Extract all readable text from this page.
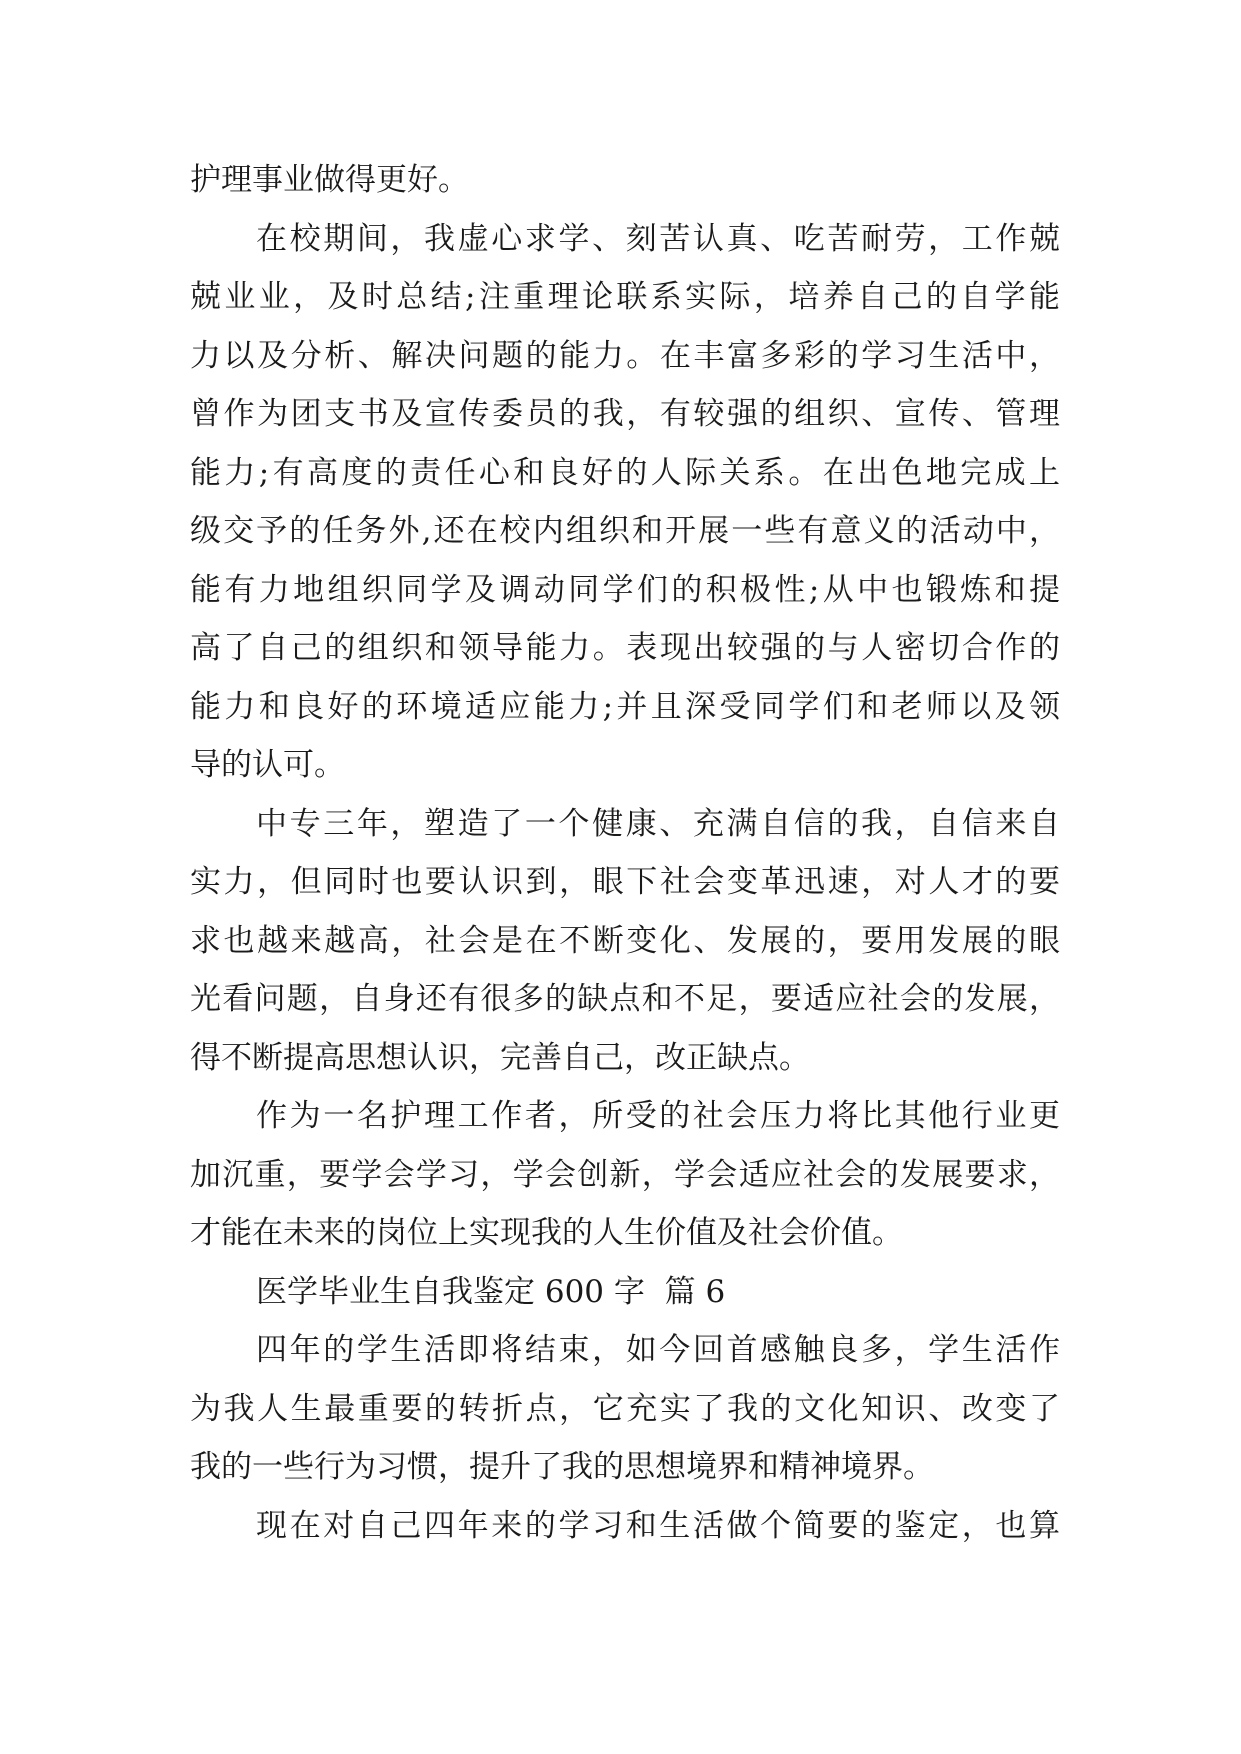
护理事业做得更好。
在校期间，我虚心求学、刻苦认真、吃苦耐劳，工作兢
兢业业，及时总结;注重理论联系实际，培养自己的自学能
力以及分析、解决问题的能力。在丰富多彩的学习生活中，
曾作为团支书及宣传委员的我，有较强的组织、宣传、管理
能力;有高度的责任心和良好的人际关系。在出色地完成上
级交予的任务外,还在校内组织和开展一些有意义的活动中，
能有力地组织同学及调动同学们的积极性;从中也锻炼和提
高了自己的组织和领导能力。表现出较强的与人密切合作的
能力和良好的环境适应能力;并且深受同学们和老师以及领
导的认可。
中专三年，塑造了一个健康、充满自信的我，自信来自
实力，但同时也要认识到，眼下社会变革迅速，对人才的要
求也越来越高，社会是在不断变化、发展的，要用发展的眼
光看问题，自身还有很多的缺点和不足，要适应社会的发展，
得不断提高思想认识，完善自己，改正缺点。
作为一名护理工作者，所受的社会压力将比其他行业更
加沉重，要学会学习，学会创新，学会适应社会的发展要求，
才能在未来的岗位上实现我的人生价值及社会价值。
医学毕业生自我鉴定 600 字  篇 6
四年的学生活即将结束，如今回首感触良多，学生活作
为我人生最重要的转折点，它充实了我的文化知识、改变了
我的一些行为习惯，提升了我的思想境界和精神境界。
现在对自己四年来的学习和生活做个简要的鉴定，也算
